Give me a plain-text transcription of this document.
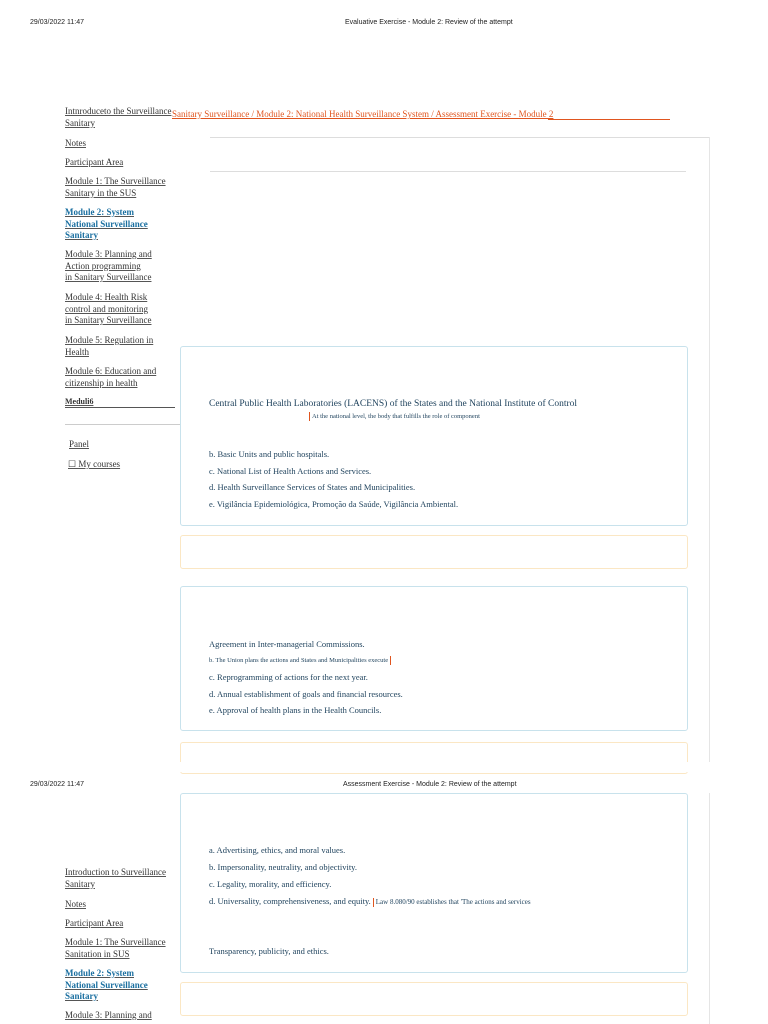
29/03/2022 11:47	Evaluative Exercise - Module 2: Review of the attempt
Sanitary Surveillance / Module 2: National Health Surveillance System / Assessment Exercise - Module 2
Intnroduceto the Surveillance
Sanitary
Notes
Participant Area
Module 1: The Surveillance
Sanitary in the SUS
Module 2: System
National Surveillance
Sanitary
Module 3: Planning and
Action programming
in Sanitary Surveillance
Module 4: Health Risk
control and monitoring
in Sanitary Surveillance
Module 5: Regulation in
Health
Module 6: Education and
citizenship in health
Meduli6
Panel
☐ My courses
Central Public Health Laboratories (LACENS) of the States and the National Institute of Control
At the national level, the body that fulfills the role of component
b. Basic Units and public hospitals.
c. National List of Health Actions and Services.
d. Health Surveillance Services of States and Municipalities.
e. Vigilância Epidemiológica, Promoção da Saúde, Vigilância Ambiental.
Agreement in Inter-managerial Commissions.
b. The Union plans the actions and States and Municipalities execute
c. Reprogramming of actions for the next year.
d. Annual establishment of goals and financial resources.
e. Approval of health plans in the Health Councils.
29/03/2022 11:47	Assessment Exercise - Module 2: Review of the attempt
Introduction to Surveillance
Sanitary
Notes
Participant Area
Module 1: The Surveillance
Sanitation in SUS
Module 2: System
National Surveillance
Sanitary
Module 3: Planning and
a. Advertising, ethics, and moral values.
b. Impersonality, neutrality, and objectivity.
c. Legality, morality, and efficiency.
d. Universality, comprehensiveness, and equity. Law 8.080/90 establishes that 'The actions and services
Transparency, publicity, and ethics.
